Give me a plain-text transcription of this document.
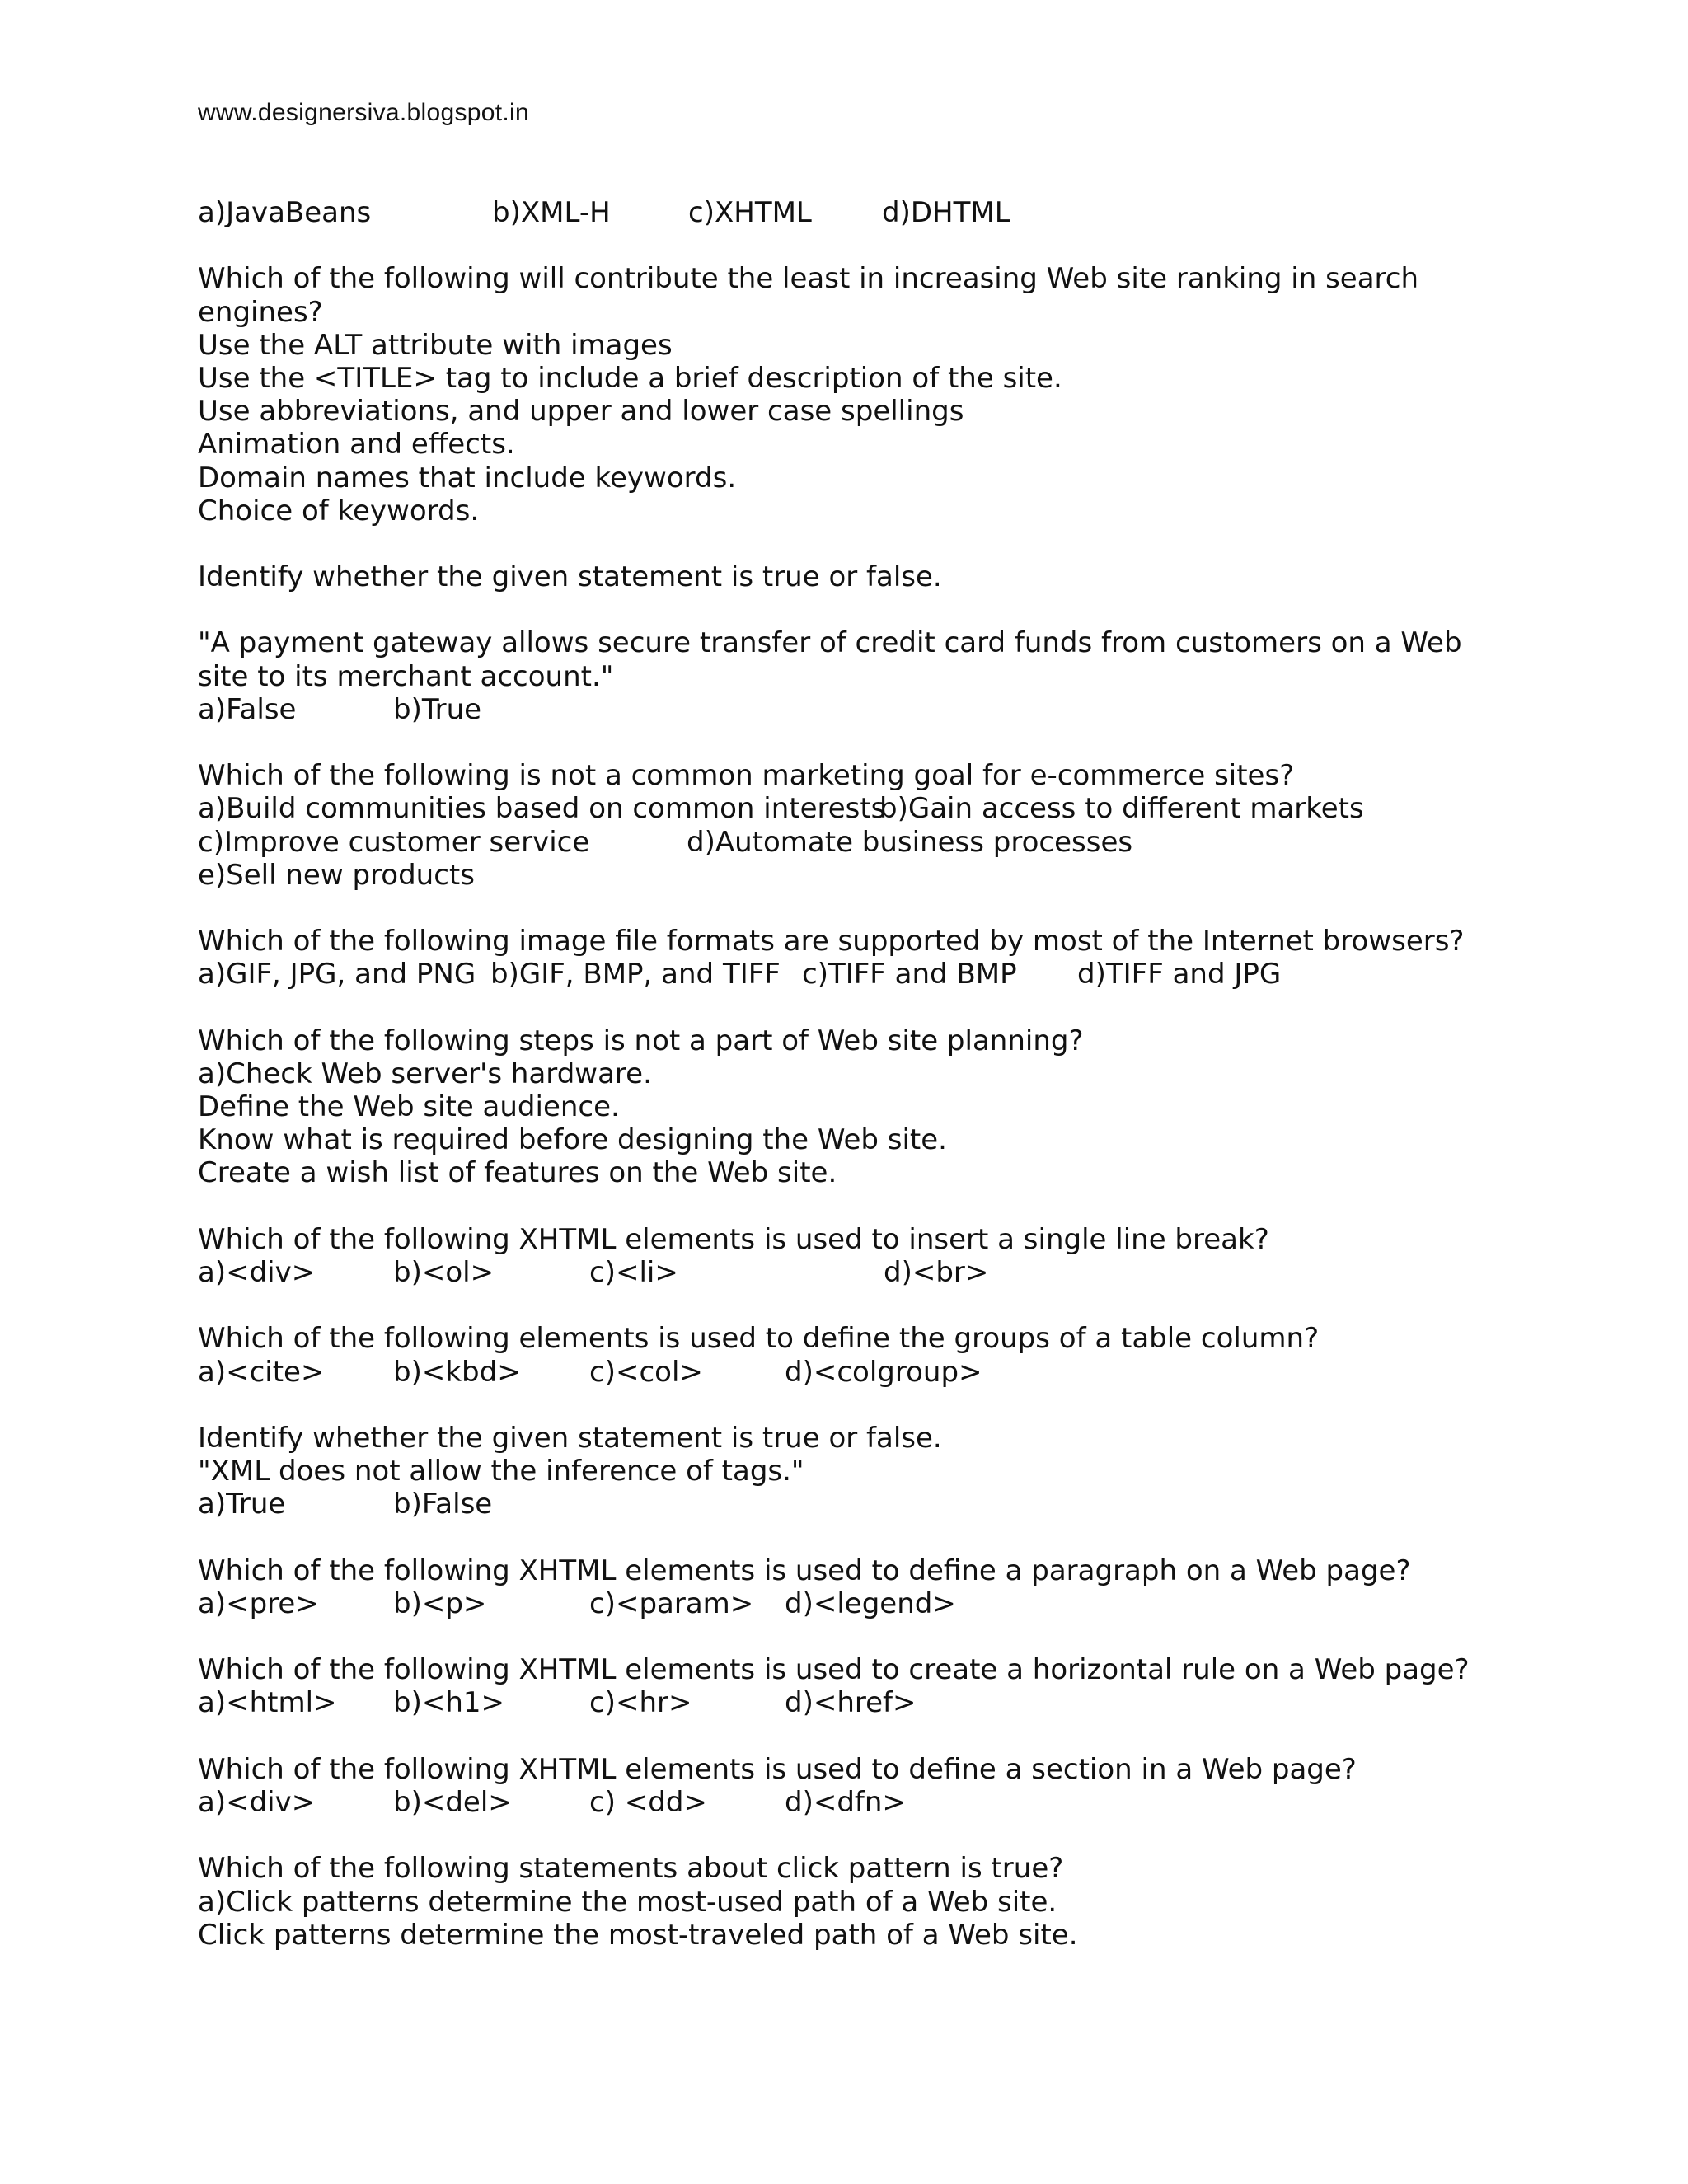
www.designersiva.blogspot.in
a)JavaBeans	b)XML-H	c)XHTML	d)DHTML
Which of the following will contribute the least in increasing Web site ranking in search
engines?
Use the ALT attribute with images
Use the <TITLE> tag to include a brief description of the site.
Use abbreviations, and upper and lower case spellings
Animation and effects.
Domain names that include keywords.
Choice of keywords.
Identify whether the given statement is true or false.
"A payment gateway allows secure transfer of credit card funds from customers on a Web
site to its merchant account."
a)False	b)True
Which of the following is not a common marketing goal for e-commerce sites?
a)Build communities based on common interests
b)Gain access to different markets
c)Improve customer service	d)Automate business processes
e)Sell new products
Which of the following image file formats are supported by most of the Internet browsers?
a)GIF, JPG, and PNG b)GIF, BMP, and TIFF c)TIFF and BMP d)TIFF and JPG
Which of the following steps is not a part of Web site planning?
a)Check Web server's hardware.
Define the Web site audience.
Know what is required before designing the Web site.
Create a wish list of features on the Web site.
Which of the following XHTML elements is used to insert a single line break?
a)<div>	b)<ol>	c)<li>	d)<br>
Which of the following elements is used to define the groups of a table column?
a)<cite> b)<kbd> c)<col>	d)<colgroup>
Identify whether the given statement is true or false.
"XML does not allow the inference of tags."
a)True	b)False
Which of the following XHTML elements is used to define a paragraph on a Web page?
a)<pre>	b)<p>	c)<param> d)<legend>
Which of the following XHTML elements is used to create a horizontal rule on a Web page?
a)<html> b)<h1>	c)<hr>	d)<href>
Which of the following XHTML elements is used to define a section in a Web page?
a)<div>	b)<del>	c) <dd>	d)<dfn>
Which of the following statements about click pattern is true?
a)Click patterns determine the most-used path of a Web site.
Click patterns determine the most-traveled path of a Web site.
